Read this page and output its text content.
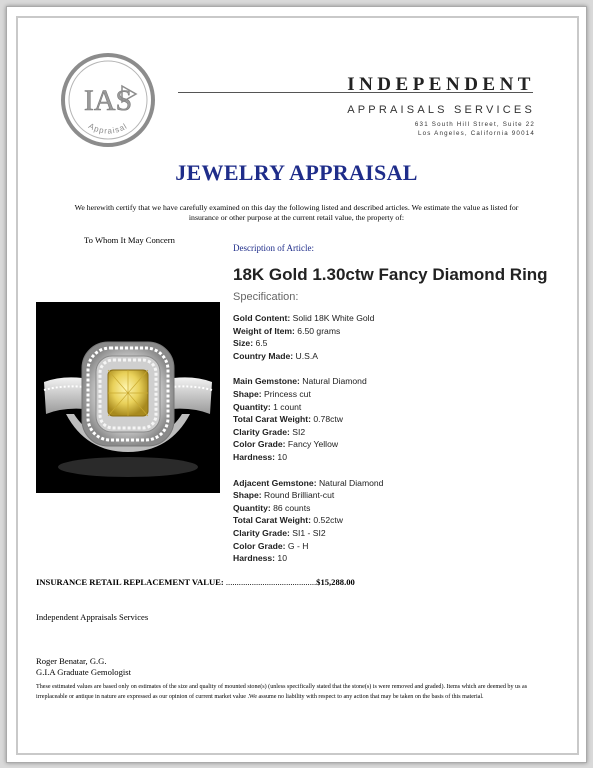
IAS
Appraisal
INDEPENDENT
APPRAISALS SERVICES
631 South Hill Street, Suite 22
Los Angeles, California 90014
JEWELRY APPRAISAL
We herewith certify that we have carefully examined on this day the following listed and described articles. We estimate the value as listed for
insurance or other purpose at the current retail value, the property of:
To Whom It May Concern
Description of Article:
18K Gold 1.30ctw Fancy Diamond Ring
Specification:
Gold Content: Solid 18K White Gold
Weight of Item: 6.50 grams
Size: 6.5
Country Made: U.S.A
Main Gemstone: Natural Diamond
Shape: Princess cut
Quantity: 1 count
Total Carat Weight: 0.78ctw
Clarity Grade: SI2
Color Grade: Fancy Yellow
Hardness: 10
Adjacent Gemstone: Natural Diamond
Shape: Round Brilliant-cut
Quantity: 86 counts
Total Carat Weight: 0.52ctw
Clarity Grade: SI1 - SI2
Color Grade: G - H
Hardness: 10
INSURANCE RETAIL REPLACEMENT VALUE: ..........................................$15,288.00
Independent Appraisals Services
Roger Benatar, G.G.
G.I.A Graduate Gemologist
These estimated values are based only on estimates of the size and quality of mounted stone(s) (unless specifically stated that the stone(s) is were removed and graded). Items which are deemed by us as irreplaceable or antique in nature are expressed as our opinion of current market value .We assume no liability with respect to any action that may be taken on the basis of this material.
